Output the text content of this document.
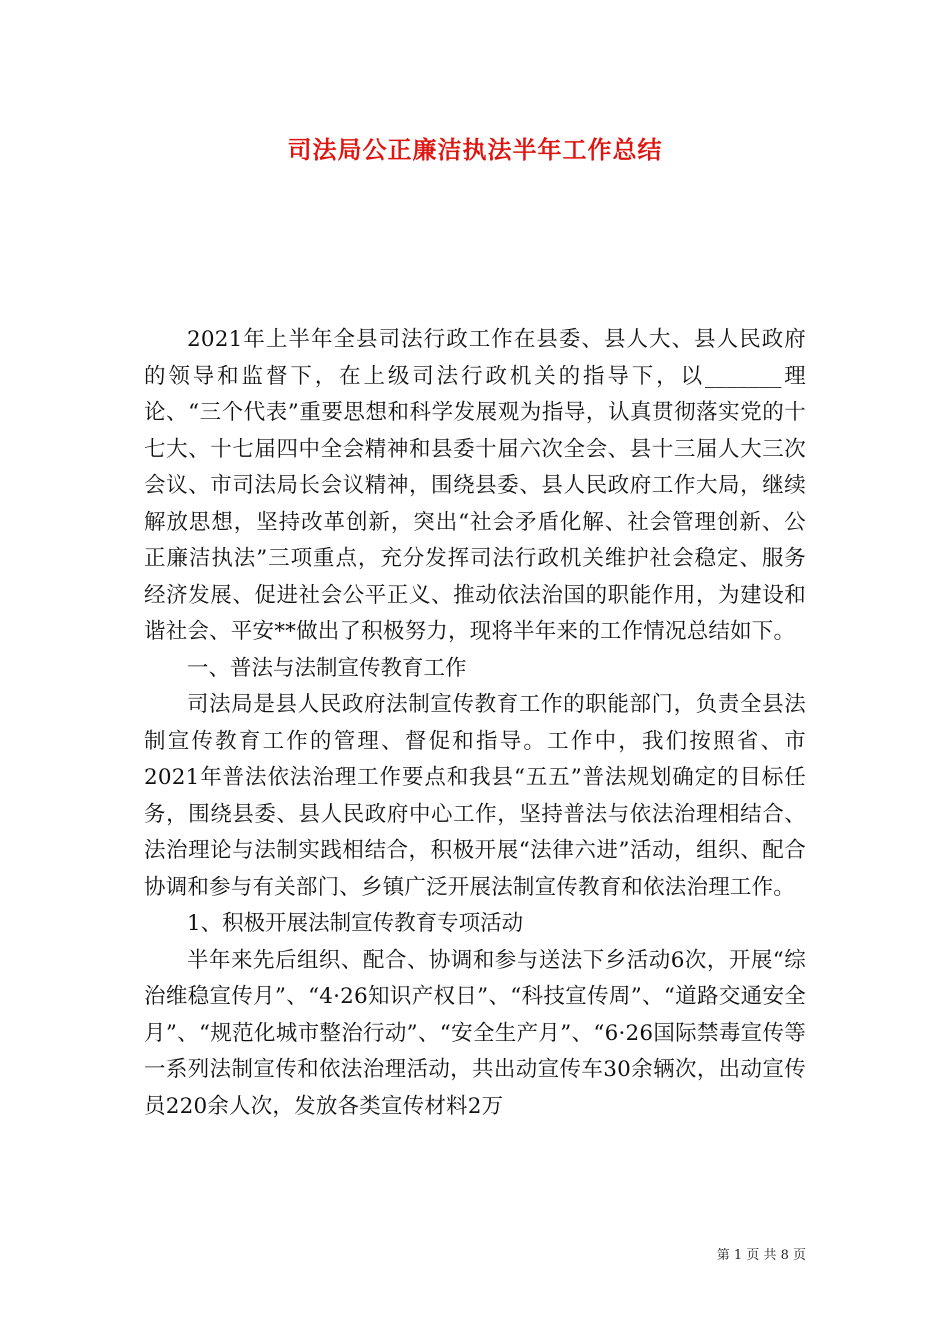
司法局公正廉洁执法半年工作总结

2021年上半年全县司法行政工作在县委、县人大、县人民政府的领导和监督下，在上级司法行政机关的指导下，以_______理论、“三个代表”重要思想和科学发展观为指导，认真贯彻落实党的十七大、十七届四中全会精神和县委十届六次全会、县十三届人大三次会议、市司法局长会议精神，围绕县委、县人民政府工作大局，继续解放思想，坚持改革创新，突出“社会矛盾化解、社会管理创新、公正廉洁执法”三项重点，充分发挥司法行政机关维护社会稳定、服务经济发展、促进社会公平正义、推动依法治国的职能作用，为建设和谐社会、平安**做出了积极努力，现将半年来的工作情况总结如下。

一、普法与法制宣传教育工作

司法局是县人民政府法制宣传教育工作的职能部门，负责全县法制宣传教育工作的管理、督促和指导。工作中，我们按照省、市2021年普法依法治理工作要点和我县“五五”普法规划确定的目标任务，围绕县委、县人民政府中心工作，坚持普法与依法治理相结合、法治理论与法制实践相结合，积极开展“法律六进”活动，组织、配合协调和参与有关部门、乡镇广泛开展法制宣传教育和依法治理工作。

1、积极开展法制宣传教育专项活动

半年来先后组织、配合、协调和参与送法下乡活动6次，开展“综治维稳宣传月”、“4·26知识产权日”、“科技宣传周”、“道路交通安全月”、“规范化城市整治行动”、“安全生产月”、“6·26国际禁毒宣传等一系列法制宣传和依法治理活动，共出动宣传车30余辆次，出动宣传员220余人次，发放各类宣传材料2万

第 1 页 共 8 页
